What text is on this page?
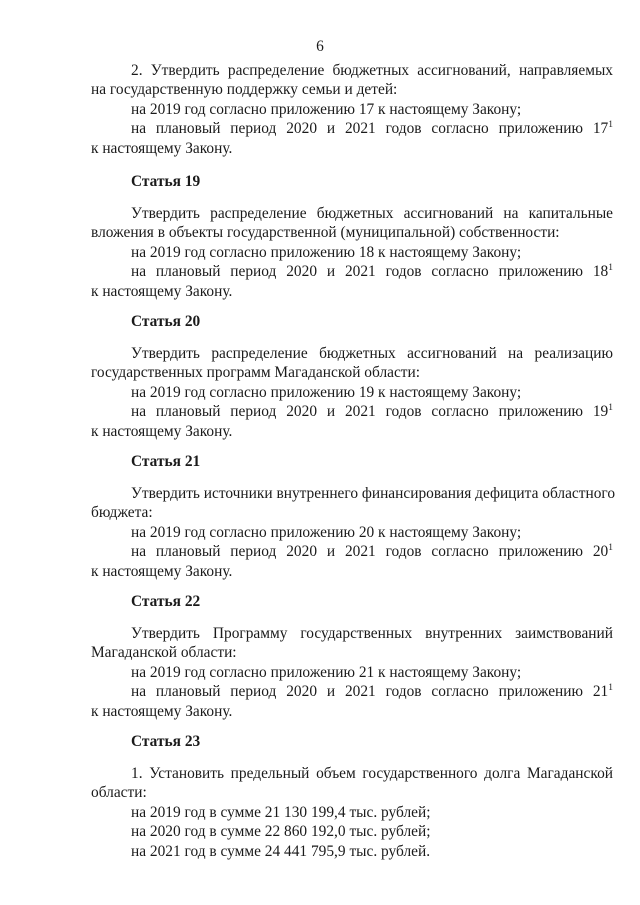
6
2. Утвердить распределение бюджетных ассигнований, направляемых
на государственную поддержку семьи и детей:
на 2019 год согласно приложению 17 к настоящему Закону;
на плановый период 2020 и 2021 годов согласно приложению $17^1$
к настоящему Закону.
Статья 19
Утвердить распределение бюджетных ассигнований на капитальные
вложения в объекты государственной (муниципальной) собственности:
на 2019 год согласно приложению 18 к настоящему Закону;
на плановый период 2020 и 2021 годов согласно приложению $18^1$
к настоящему Закону.
Статья 20
Утвердить распределение бюджетных ассигнований на реализацию
государственных программ Магаданской области:
на 2019 год согласно приложению 19 к настоящему Закону;
на плановый период 2020 и 2021 годов согласно приложению $19^1$
к настоящему Закону.
Статья 21
Утвердить источники внутреннего финансирования дефицита областного
бюджета:
на 2019 год согласно приложению 20 к настоящему Закону;
на плановый период 2020 и 2021 годов согласно приложению $20^1$
к настоящему Закону.
Статья 22
Утвердить Программу государственных внутренних заимствований
Магаданской области:
на 2019 год согласно приложению 21 к настоящему Закону;
на плановый период 2020 и 2021 годов согласно приложению $21^1$
к настоящему Закону.
Статья 23
1. Установить предельный объем государственного долга Магаданской
области:
на 2019 год в сумме 21 130 199,4 тыс. рублей;
на 2020 год в сумме 22 860 192,0 тыс. рублей;
на 2021 год в сумме 24 441 795,9 тыс. рублей.
